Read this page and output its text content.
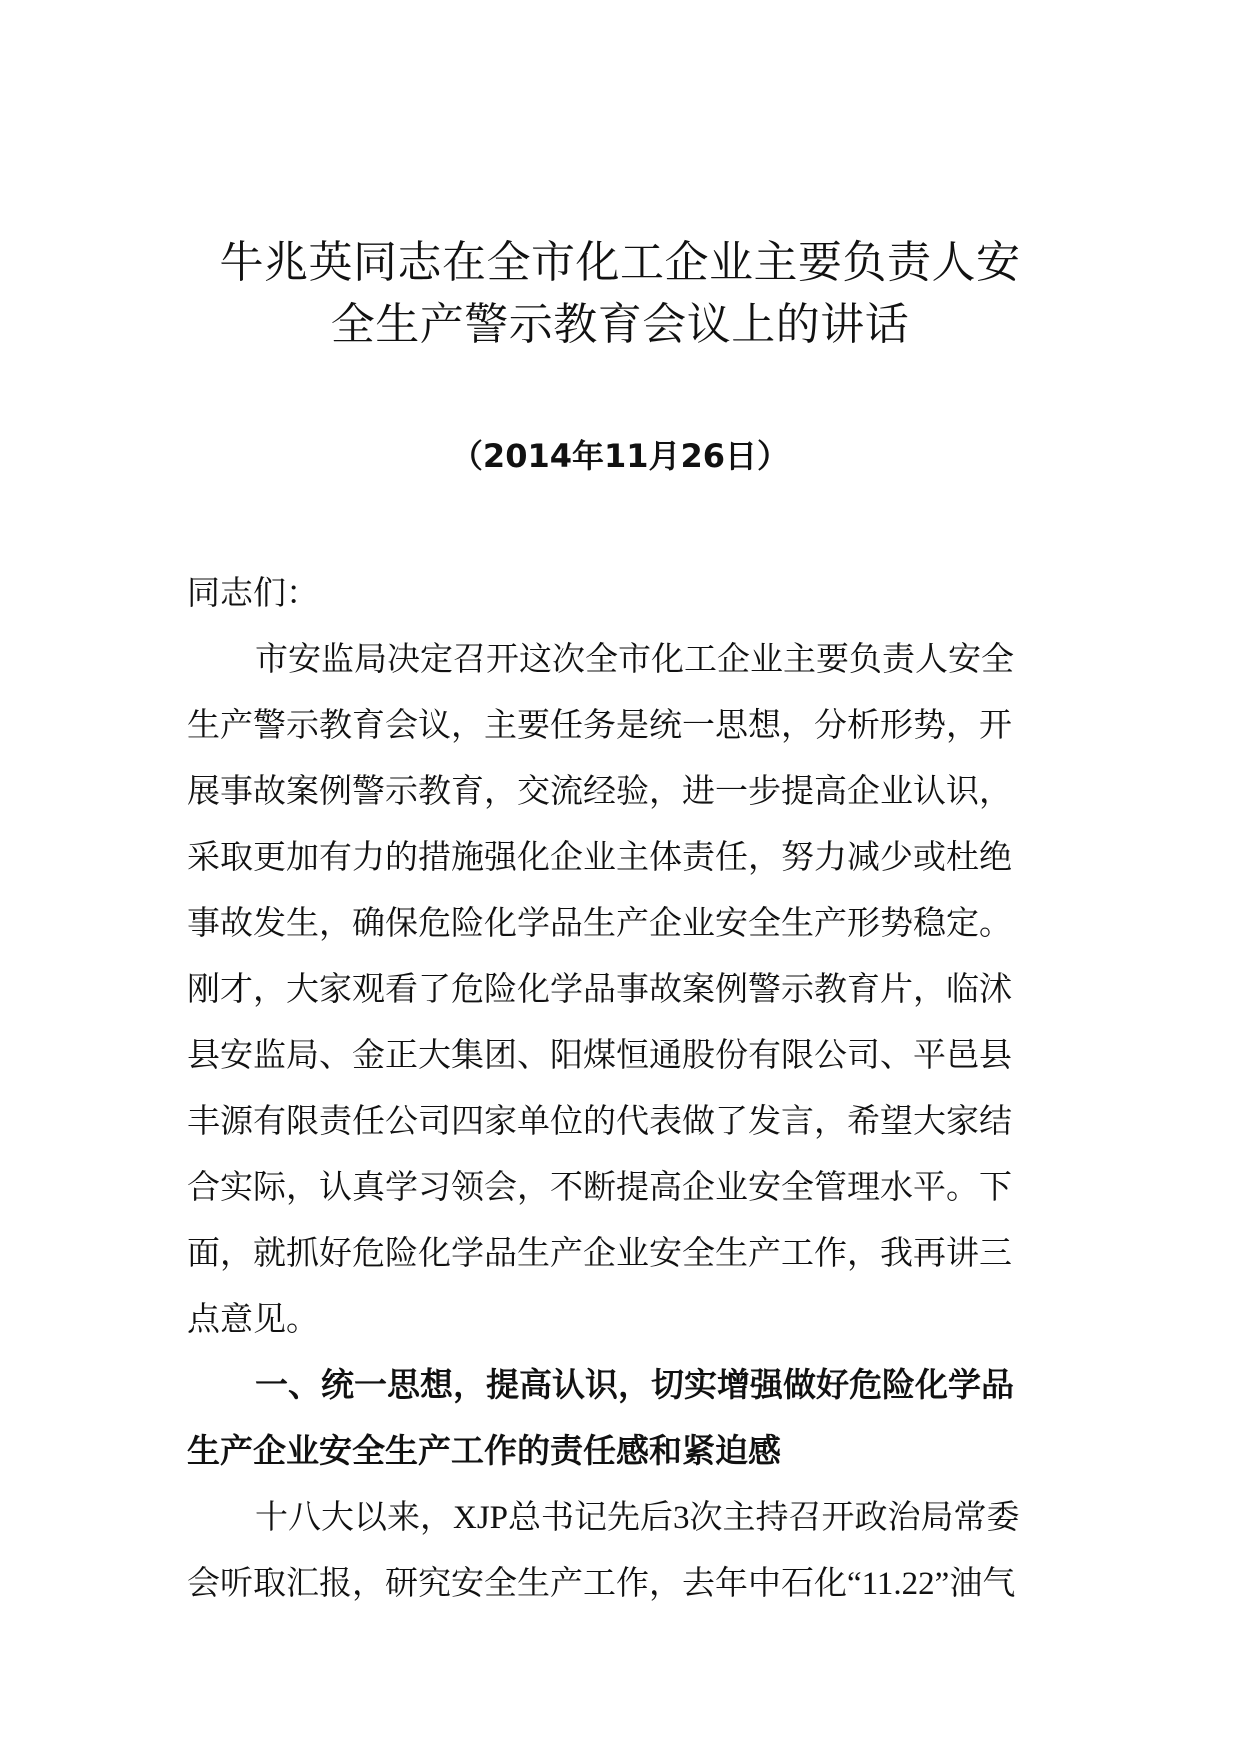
牛兆英同志在全市化工企业主要负责人安
全生产警示教育会议上的讲话
（2014年11月26日）
同志们：
市安监局决定召开这次全市化工企业主要负责人安全
生产警示教育会议，主要任务是统一思想，分析形势，开
展事故案例警示教育，交流经验，进一步提高企业认识，
采取更加有力的措施强化企业主体责任，努力减少或杜绝
事故发生，确保危险化学品生产企业安全生产形势稳定。
刚才，大家观看了危险化学品事故案例警示教育片，临沭
县安监局、金正大集团、阳煤恒通股份有限公司、平邑县
丰源有限责任公司四家单位的代表做了发言，希望大家结
合实际，认真学习领会，不断提高企业安全管理水平。下
面，就抓好危险化学品生产企业安全生产工作，我再讲三
点意见。
一、统一思想，提高认识，切实增强做好危险化学品
生产企业安全生产工作的责任感和紧迫感
十八大以来，XJP总书记先后3次主持召开政治局常委
会听取汇报，研究安全生产工作，去年中石化“11.22”油气
